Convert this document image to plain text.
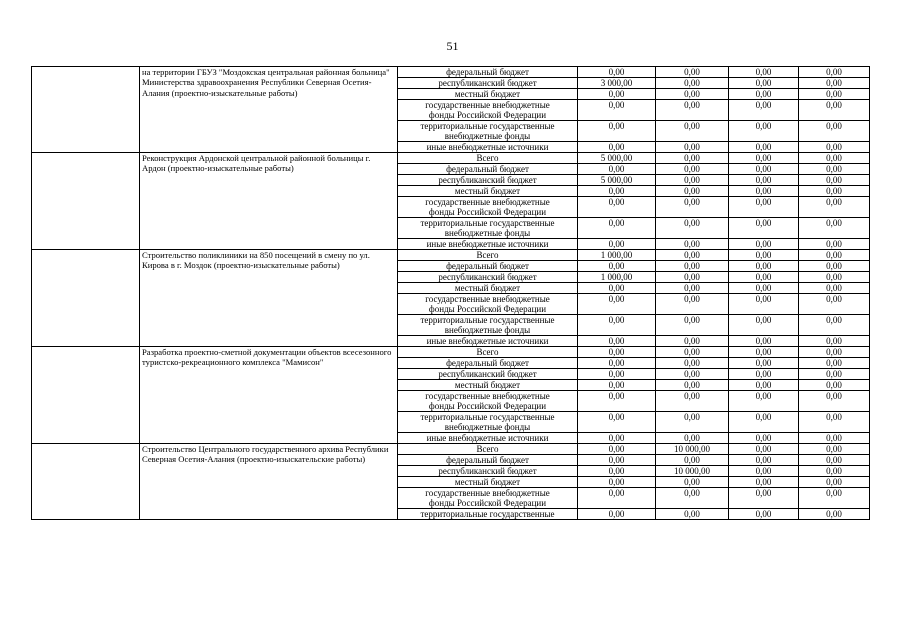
51
	на территории ГБУЗ "Моздокская центральная районная больница" Министерства здравоохранения Республики Северная Осетия-Алания (проектно-изыскательные работы)	федеральный бюджет	0,00	0,00	0,00	0,00

		республиканский бюджет	3 000,00	0,00	0,00	0,00

		местный бюджет	0,00	0,00	0,00	0,00

		государственные внебюджетные
фонды Российской Федерации	0,00	0,00	0,00	0,00

		территориальные государственные
внебюджетные фонды	0,00	0,00	0,00	0,00

		иные внебюджетные источники	0,00	0,00	0,00	0,00
	Реконструкция Ардонской центральной районной больницы г. Ардон (проектно-изыскательные работы)	Всего	5 000,00	0,00	0,00	0,00

		федеральный бюджет	0,00	0,00	0,00	0,00

		республиканский бюджет	5 000,00	0,00	0,00	0,00

		местный бюджет	0,00	0,00	0,00	0,00

		государственные внебюджетные
фонды Российской Федерации	0,00	0,00	0,00	0,00

		территориальные государственные
внебюджетные фонды	0,00	0,00	0,00	0,00

		иные внебюджетные источники	0,00	0,00	0,00	0,00
	Строительство поликлиники на 850 посещений в смену по ул. Кирова в г. Моздок (проектно-изыскательные работы)	Всего	1 000,00	0,00	0,00	0,00

		федеральный бюджет	0,00	0,00	0,00	0,00

		республиканский бюджет	1 000,00	0,00	0,00	0,00

		местный бюджет	0,00	0,00	0,00	0,00

		государственные внебюджетные
фонды Российской Федерации	0,00	0,00	0,00	0,00

		территориальные государственные
внебюджетные фонды	0,00	0,00	0,00	0,00

		иные внебюджетные источники	0,00	0,00	0,00	0,00
	Разработка проектно-сметной документации объектов всесезонного туристско-рекреационного комплекса "Мамисон"	Всего	0,00	0,00	0,00	0,00

		федеральный бюджет	0,00	0,00	0,00	0,00

		республиканский бюджет	0,00	0,00	0,00	0,00

		местный бюджет	0,00	0,00	0,00	0,00

		государственные внебюджетные
фонды Российской Федерации	0,00	0,00	0,00	0,00

		территориальные государственные
внебюджетные фонды	0,00	0,00	0,00	0,00

		иные внебюджетные источники	0,00	0,00	0,00	0,00
	Строительство Центрального государственного архива Республики Северная Осетия-Алания (проектно-изыскательские работы)	Всего	0,00	10 000,00	0,00	0,00

		федеральный бюджет	0,00	0,00	0,00	0,00

		республиканский бюджет	0,00	10 000,00	0,00	0,00

		местный бюджет	0,00	0,00	0,00	0,00

		государственные внебюджетные
фонды Российской Федерации	0,00	0,00	0,00	0,00

		территориальные государственные	0,00	0,00	0,00	0,00
